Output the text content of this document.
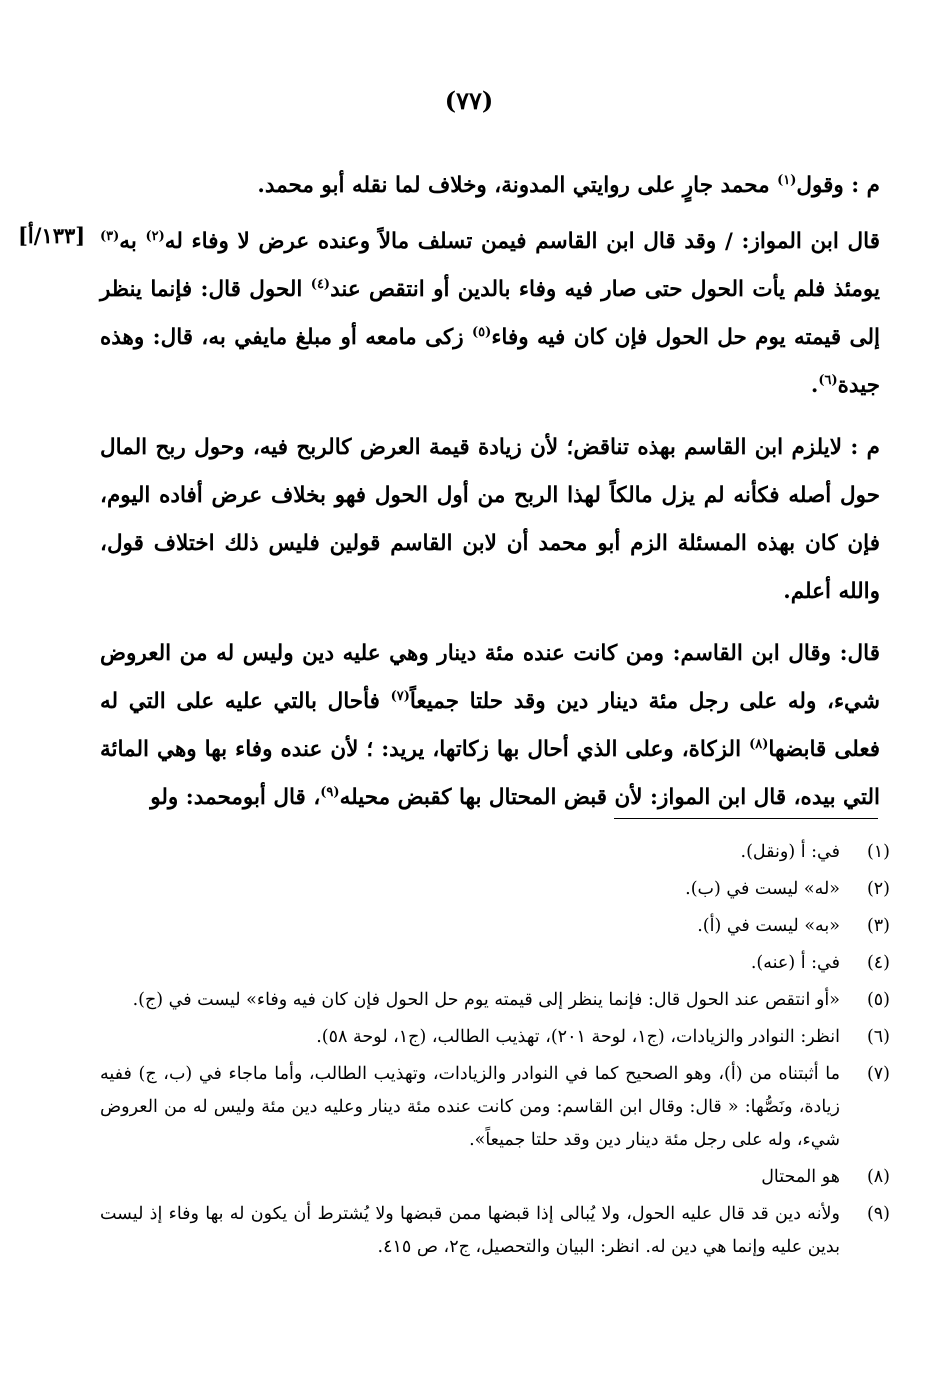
(٧٧)
[١٣٣/أ]

م : وقول$^{(١)}$ محمد جارٍ على روايتي المدونة، وخلاف لما نقله أبو محمد.

قال ابن المواز: / وقد قال ابن القاسم فيمن تسلف مالاً وعنده عرض لا وفاء له$^{(٢)}$ به$^{(٣)}$ يومئذ فلم يأت الحول حتى صار فيه وفاء بالدين أو انتقص عند$^{(٤)}$ الحول قال: فإنما ينظر إلى قيمته يوم حل الحول فإن كان فيه وفاء$^{(٥)}$ زكى مامعه أو مبلغ مايفي به، قال: وهذه جيدة$^{(٦)}$.

م : لايلزم ابن القاسم بهذه تناقض؛ لأن زيادة قيمة العرض كالربح فيه، وحول ربح المال حول أصله فكأنه لم يزل مالكاً لهذا الربح من أول الحول فهو بخلاف عرض أفاده اليوم، فإن كان بهذه المسئلة الزم أبو محمد أن لابن القاسم قولين فليس ذلك اختلاف قول، والله أعلم.

قال: وقال ابن القاسم: ومن كانت عنده مئة دينار وهي عليه دين وليس له من العروض شيء، وله على رجل مئة دينار دين وقد حلتا جميعاً$^{(٧)}$ فأحال بالتي عليه على التي له فعلى قابضها$^{(٨)}$ الزكاة، وعلى الذي أحال بها زكاتها، يريد: ؛ لأن عنده وفاء بها وهي المائة التي بيده، قال ابن المواز: لأن قبض المحتال بها كقبض محيله$^{(٩)}$، قال أبومحمد: ولو

(١)
في: أ (ونقل).
(٢)
«له» ليست في (ب).
(٣)
«به» ليست في (أ).
(٤)
في: أ (عنه).
(٥)
«أو انتقص عند الحول قال: فإنما ينظر إلى قيمته يوم حل الحول فإن كان فيه وفاء» ليست في (ج).
(٦)
انظر: النوادر والزيادات، (ج١، لوحة ٢٠١)، تهذيب الطالب، (ج١، لوحة ٥٨).
(٧)
ما أثبتناه من (أ)، وهو الصحيح كما في النوادر والزيادات، وتهذيب الطالب، وأما ماجاء في (ب، ج) ففيه زيادة، ونَصُّها: « قال: وقال ابن القاسم: ومن كانت عنده مئة دينار وعليه دين مئة وليس له من العروض شيء، وله على رجل مئة دينار دين وقد حلتا جميعاً».
(٨)
هو المحتال
(٩)
ولأنه دين قد قال عليه الحول، ولا يُبالى إذا قبضها ممن قبضها ولا يُشترط أن يكون له بها وفاء إذ ليست بدين عليه وإنما هي دين له. انظر: البيان والتحصيل، ج٢، ص ٤١٥.
